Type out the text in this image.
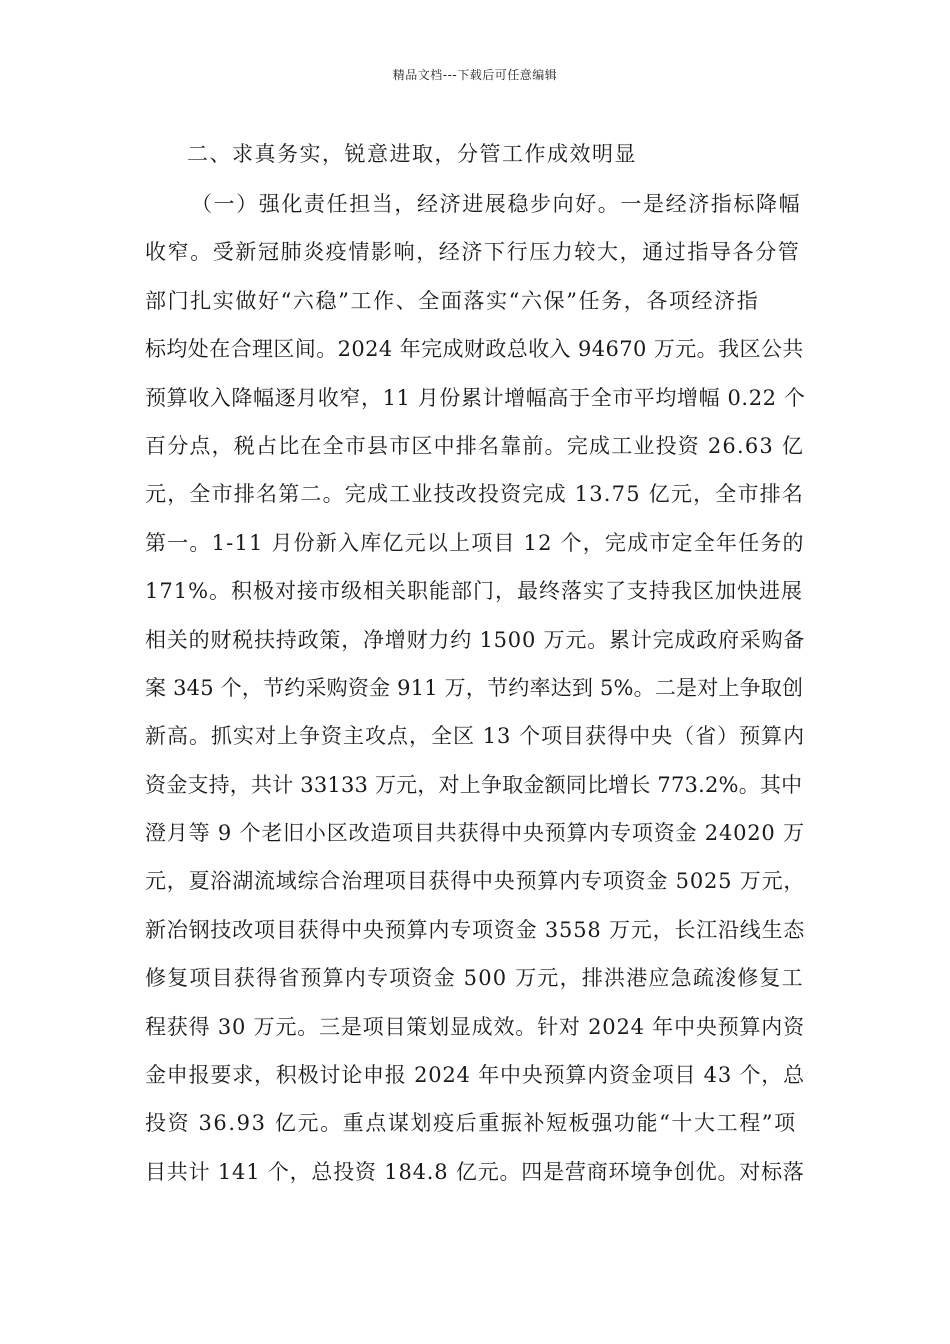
精品文档---下载后可任意编辑
二、求真务实，锐意进取，分管工作成效明显
（一）强化责任担当，经济进展稳步向好。一是经济指标降幅
收窄。受新冠肺炎疫情影响，经济下行压力较大，通过指导各分管
部门扎实做好“六稳”工作、全面落实“六保”任务，各项经济指
标均处在合理区间。2024 年完成财政总收入 94670 万元。我区公共
预算收入降幅逐月收窄，11 月份累计增幅高于全市平均增幅 0.22 个
百分点，税占比在全市县市区中排名靠前。完成工业投资 26.63 亿
元，全市排名第二。完成工业技改投资完成 13.75 亿元，全市排名
第一。1-11 月份新入库亿元以上项目 12 个，完成市定全年任务的
171%。积极对接市级相关职能部门，最终落实了支持我区加快进展
相关的财税扶持政策，净增财力约 1500 万元。累计完成政府采购备
案 345 个，节约采购资金 911 万，节约率达到 5%。二是对上争取创
新高。抓实对上争资主攻点，全区 13 个项目获得中央（省）预算内
资金支持，共计 33133 万元，对上争取金额同比增长 773.2%。其中
澄月等 9 个老旧小区改造项目共获得中央预算内专项资金 24020 万
元，夏浴湖流域综合治理项目获得中央预算内专项资金 5025 万元，
新冶钢技改项目获得中央预算内专项资金 3558 万元，长江沿线生态
修复项目获得省预算内专项资金 500 万元，排洪港应急疏浚修复工
程获得 30 万元。三是项目策划显成效。针对 2024 年中央预算内资
金申报要求，积极讨论申报 2024 年中央预算内资金项目 43 个，总
投资 36.93 亿元。重点谋划疫后重振补短板强功能“十大工程”项
目共计 141 个，总投资 184.8 亿元。四是营商环境争创优。对标落
